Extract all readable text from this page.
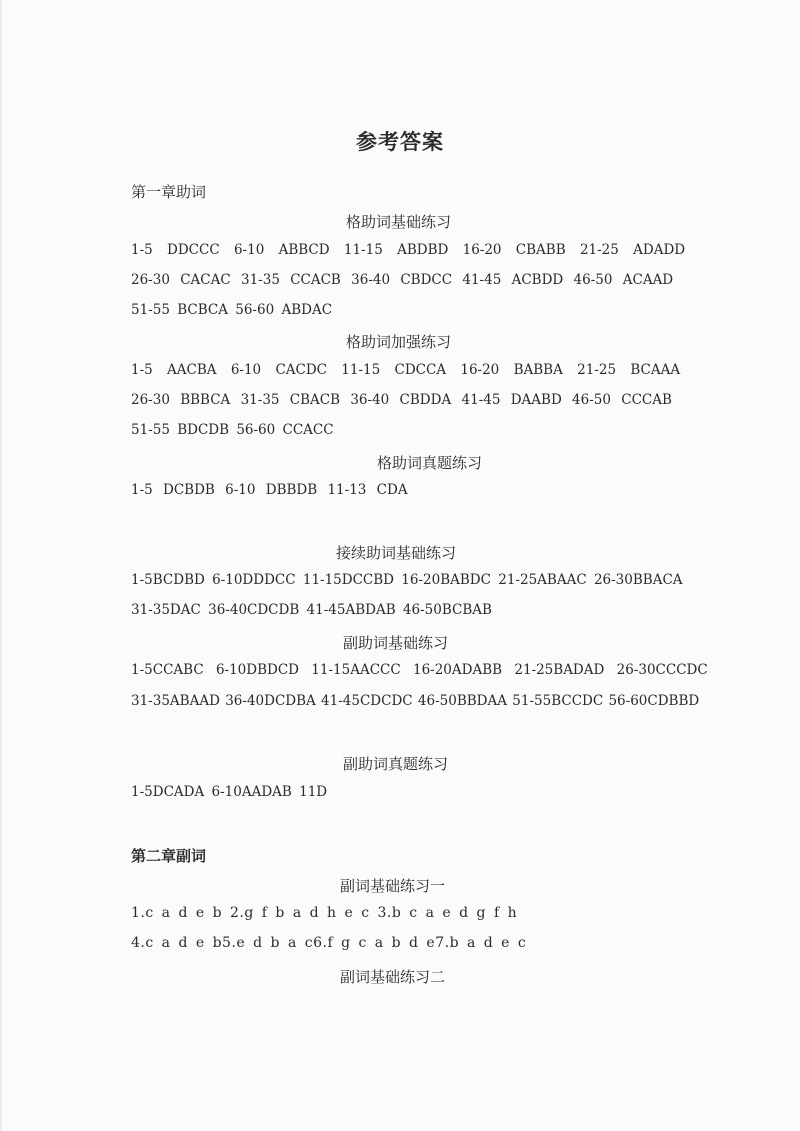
参考答案
第一章助词
格助词基础练习
1-5 DDCCC 6-10 ABBCD 11-15 ABDBD 16-20 CBABB 21-25 ADADD
26-30 CACAC 31-35 CCACB 36-40 CBDCC 41-45 ACBDD 46-50 ACAAD
51-55 BCBCA 56-60 ABDAC
格助词加强练习
1-5 AACBA 6-10 CACDC 11-15 CDCCA 16-20 BABBA 21-25 BCAAA
26-30 BBBCA 31-35 CBACB 36-40 CBDDA 41-45 DAABD 46-50 CCCAB
51-55 BDCDB 56-60 CCACC
格助词真题练习
1-5 DCBDB 6-10 DBBDB 11-13 CDA
接续助词基础练习
1-5BCDBD 6-10DDDCC 11-15DCCBD 16-20BABDC 21-25ABAAC 26-30BBACA
31-35DAC 36-40CDCDB 41-45ABDAB 46-50BCBAB
副助词基础练习
1-5CCABC 6-10DBDCD 11-15AACCC 16-20ADABB 21-25BADAD 26-30CCCDC
31-35ABAAD 36-40DCDBA 41-45CDCDC 46-50BBDAA 51-55BCCDC 56-60CDBBD
副助词真题练习
1-5DCADA 6-10AADAB 11D
第二章副词
副词基础练习一
1.c a d e b 2.g f b a d h e c 3.b c a e d g f h
4.c a d e b5.e d b a c6.f g c a b d e7.b a d e c
副词基础练习二
